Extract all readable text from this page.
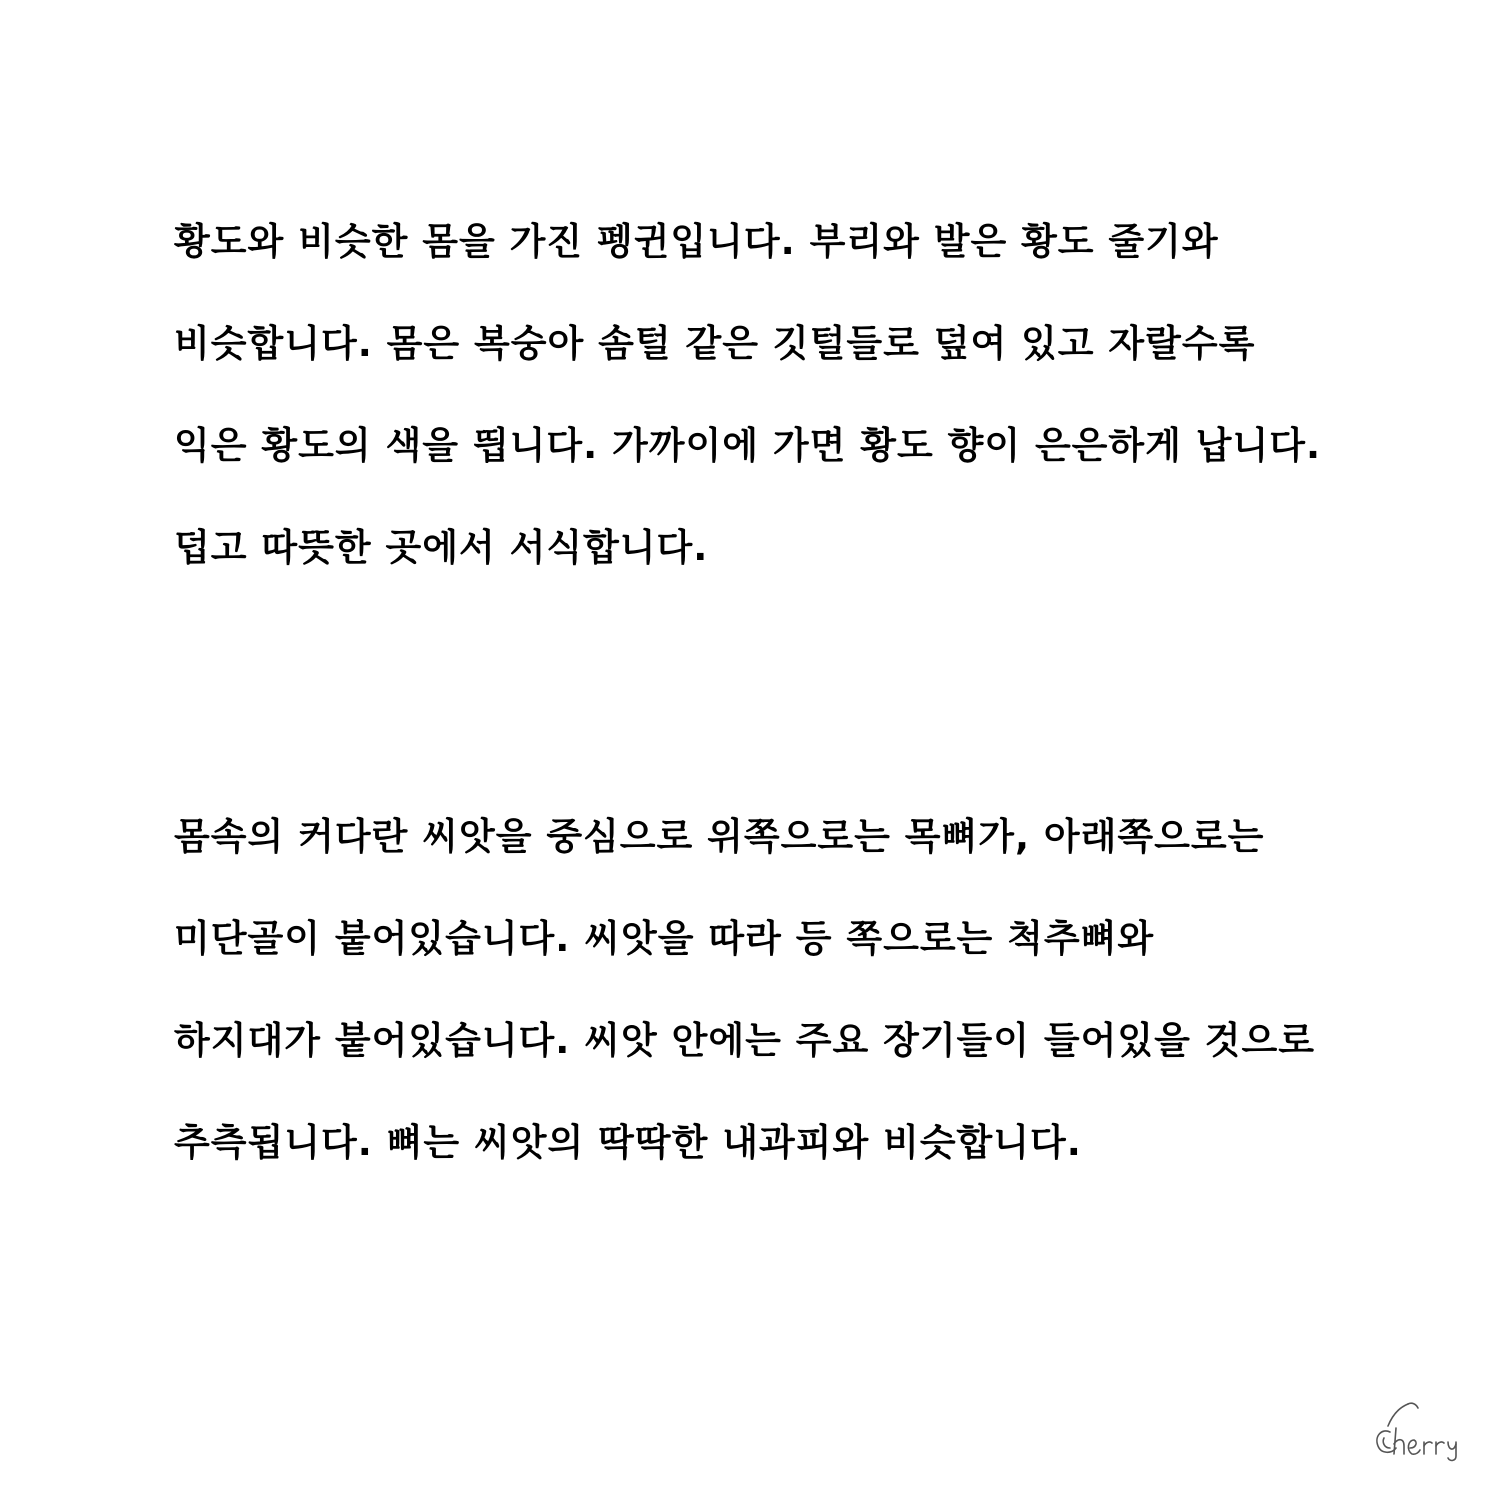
황도와 비슷한 몸을 가진 펭귄입니다. 부리와 발은 황도 줄기와
비슷합니다. 몸은 복숭아 솜털 같은 깃털들로 덮여 있고 자랄수록
익은 황도의 색을 띕니다. 가까이에 가면 황도 향이 은은하게 납니다.
덥고 따뜻한 곳에서 서식합니다.
몸속의 커다란 씨앗을 중심으로 위쪽으로는 목뼈가, 아래쪽으로는
미단골이 붙어있습니다. 씨앗을 따라 등 쪽으로는 척추뼈와
하지대가 붙어있습니다. 씨앗 안에는 주요 장기들이 들어있을 것으로
추측됩니다. 뼈는 씨앗의 딱딱한 내과피와 비슷합니다.
